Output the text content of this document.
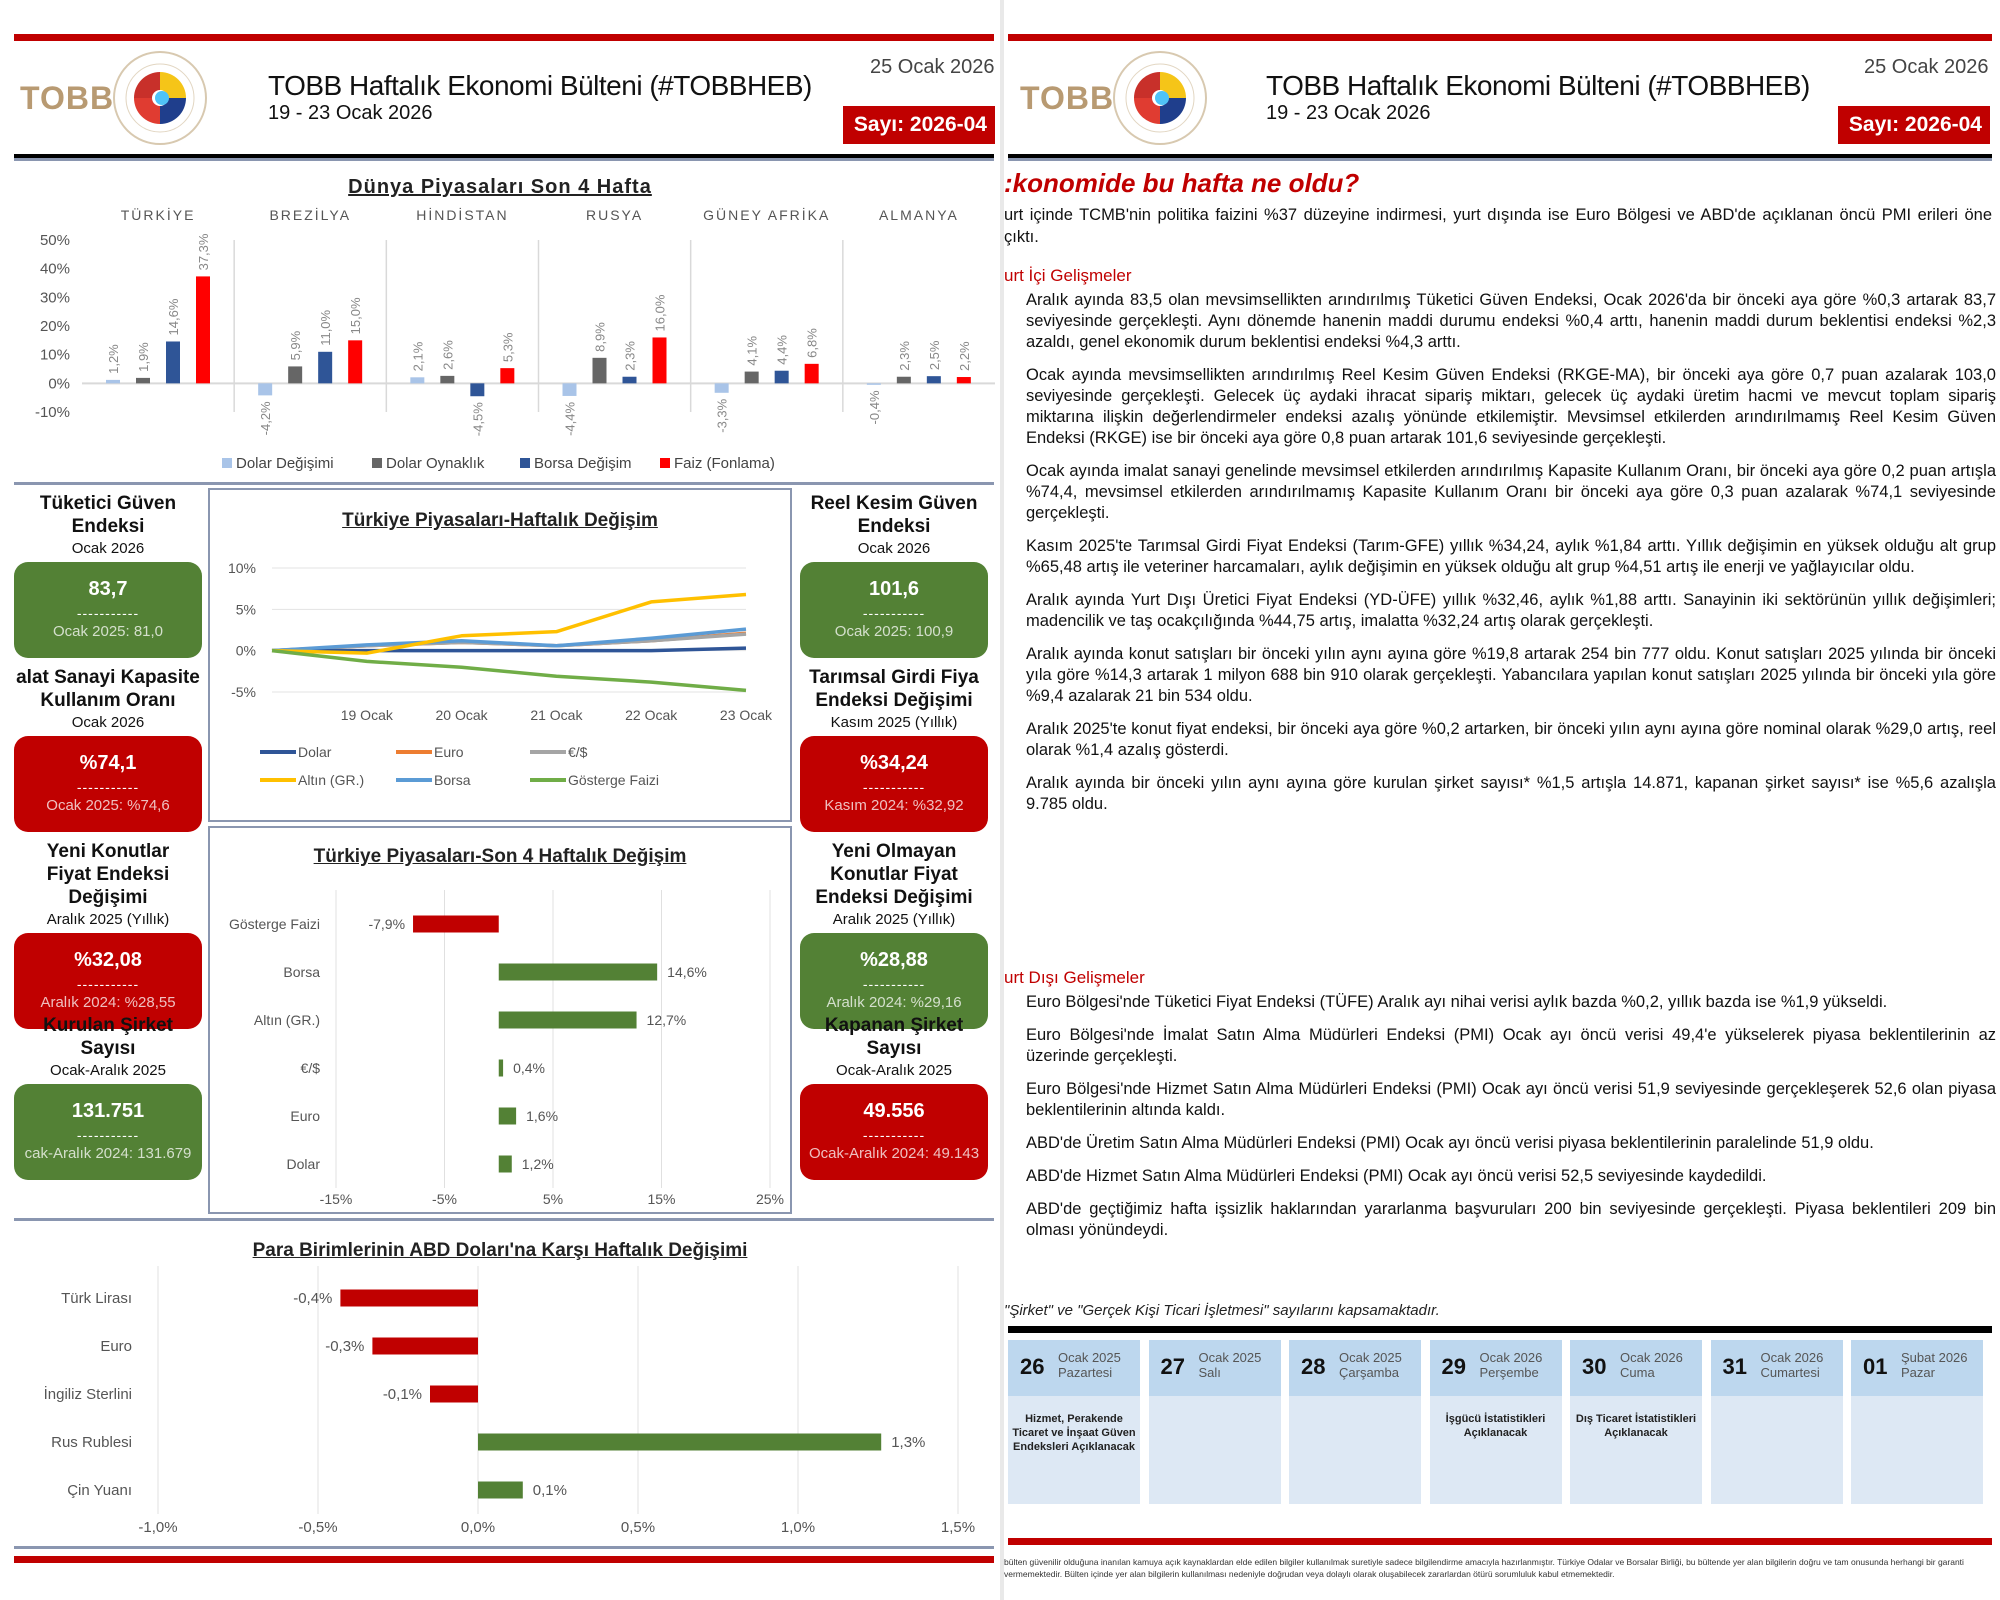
TOBB	TOBB Haftalık Ekonomi Bülteni (#TOBBHEB)
19 - 23 Ocak 2026
25 Ocak 2026
Sayı: 2026-04
Dünya Piyasaları Son 4 Hafta
50%
40%
30%
20%
10%
0%
-10%
TÜRKİYE
1,2% 1,9%
14,6%
37,3%
BREZİLYA
-4,2%
5,9% 11,0% 15,0%
HİNDİSTAN
2,1% 2,6%
-4,5%
5,3%
RUSYA
-4,4%
8,9%
2,3%
16,0%
GÜNEY AFRİKA
-3,3%
4,1% 4,4% 6,8%
ALMANYA
-0,4%
2,3% 2,5% 2,2%
Dolar Değişimi	Dolar Oynaklık	Borsa Değişim	Faiz (Fonlama)
Tüketici Güven
Endeksi
Ocak 2026
83,7
-----------
Ocak 2025: 81,0
alat Sanayi Kapasite
Kullanım Oranı
Ocak 2026
%74,1
-----------
Ocak 2025: %74,6
Yeni Konutlar
Fiyat Endeksi
Değişimi
Aralık 2025 (Yıllık)
%32,08
-----------
Aralık 2024: %28,55
Kurulan Şirket
Sayısı
Ocak-Aralık 2025
131.751
-----------
cak-Aralık 2024: 131.679
Reel Kesim Güven
Endeksi
Ocak 2026
101,6
-----------
Ocak 2025: 100,9
Tarımsal Girdi Fiya
Endeksi Değişimi
Kasım 2025 (Yıllık)
%34,24
-----------
Kasım 2024: %32,92
Yeni Olmayan
Konutlar Fiyat
Endeksi Değişimi
Aralık 2025 (Yıllık)
%28,88
-----------
Aralık 2024: %29,16
Kapanan Şirket
Sayısı
Ocak-Aralık 2025
49.556
-----------
Ocak-Aralık 2024: 49.143
Türkiye Piyasaları-Haftalık Değişim
10%
5%
0%
-5%
19 Ocak	20 Ocak	21 Ocak	22 Ocak	23 Ocak
Dolar	Euro	€/$
Altın (GR.)	Borsa	Gösterge Faizi
Türkiye Piyasaları-Son 4 Haftalık Değişim
-15%	-5%	5%	15%	25%
Gösterge Faizi	-7,9%
Borsa	14,6%
Altın (GR.)	12,7%
€/$	0,4%
Euro	1,6%
Dolar	1,2%
Para Birimlerinin ABD Doları'na Karşı Haftalık Değişimi
-1,0%	-0,5%	0,0%	0,5%	1,0%	1,5%
Türk Lirası	-0,4%
Euro	-0,3%
İngiliz Sterlini	-0,1%
Rus Rublesi	1,3%
Çin Yuanı	0,1%
TOBB	TOBB Haftalık Ekonomi Bülteni (#TOBBHEB)
19 - 23 Ocak 2026
25 Ocak 2026
Sayı: 2026-04
:konomide bu hafta ne oldu?
urt içinde TCMB'nin politika faizini %37 düzeyine indirmesi, yurt dışında ise Euro Bölgesi ve ABD'de açıklanan öncü PMI erileri öne çıktı.
urt İçi Gelişmeler
Aralık ayında 83,5 olan mevsimsellikten arındırılmış Tüketici Güven Endeksi, Ocak 2026'da bir önceki aya göre %0,3 artarak 83,7 seviyesinde gerçekleşti. Aynı dönemde hanenin maddi durumu endeksi %0,4 arttı, hanenin maddi durum beklentisi endeksi %2,3 azaldı, genel ekonomik durum beklentisi endeksi %4,3 arttı.
Ocak ayında mevsimsellikten arındırılmış Reel Kesim Güven Endeksi (RKGE-MA), bir önceki aya göre 0,7 puan azalarak 103,0 seviyesinde gerçekleşti. Gelecek üç aydaki ihracat sipariş miktarı, gelecek üç aydaki üretim hacmi ve mevcut toplam sipariş miktarına ilişkin değerlendirmeler endeksi azalış yönünde etkilemiştir. Mevsimsel etkilerden arındırılmamış Reel Kesim Güven Endeksi (RKGE) ise bir önceki aya göre 0,8 puan artarak 101,6 seviyesinde gerçekleşti.
Ocak ayında imalat sanayi genelinde mevsimsel etkilerden arındırılmış Kapasite Kullanım Oranı, bir önceki aya göre 0,2 puan artışla %74,4, mevsimsel etkilerden arındırılmamış Kapasite Kullanım Oranı bir önceki aya göre 0,3 puan azalarak %74,1 seviyesinde gerçekleşti.
Kasım 2025'te Tarımsal Girdi Fiyat Endeksi (Tarım-GFE) yıllık %34,24, aylık %1,84 arttı. Yıllık değişimin en yüksek olduğu alt grup %65,48 artış ile veteriner harcamaları, aylık değişimin en yüksek olduğu alt grup %4,51 artış ile enerji ve yağlayıcılar oldu.
Aralık ayında Yurt Dışı Üretici Fiyat Endeksi (YD-ÜFE) yıllık %32,46, aylık %1,88 arttı. Sanayinin iki sektörünün yıllık değişimleri; madencilik ve taş ocakçılığında %44,75 artış, imalatta %32,24 artış olarak gerçekleşti.
Aralık ayında konut satışları bir önceki yılın aynı ayına göre %19,8 artarak 254 bin 777 oldu. Konut satışları 2025 yılında bir önceki yıla göre %14,3 artarak 1 milyon 688 bin 910 olarak gerçekleşti. Yabancılara yapılan konut satışları 2025 yılında bir önceki yıla göre %9,4 azalarak 21 bin 534 oldu.
Aralık 2025'te konut fiyat endeksi, bir önceki aya göre %0,2 artarken, bir önceki yılın aynı ayına göre nominal olarak %29,0 artış, reel olarak %1,4 azalış gösterdi.
Aralık ayında bir önceki yılın aynı ayına göre kurulan şirket sayısı* %1,5 artışla 14.871, kapanan şirket sayısı* ise %5,6 azalışla 9.785 oldu.
urt Dışı Gelişmeler
Euro Bölgesi'nde Tüketici Fiyat Endeksi (TÜFE) Aralık ayı nihai verisi aylık bazda %0,2, yıllık bazda ise %1,9 yükseldi.
Euro Bölgesi'nde İmalat Satın Alma Müdürleri Endeksi (PMI) Ocak ayı öncü verisi 49,4'e yükselerek piyasa beklentilerinin az üzerinde gerçekleşti.
Euro Bölgesi'nde Hizmet Satın Alma Müdürleri Endeksi (PMI) Ocak ayı öncü verisi 51,9 seviyesinde gerçekleşerek 52,6 olan piyasa beklentilerinin altında kaldı.
ABD'de Üretim Satın Alma Müdürleri Endeksi (PMI) Ocak ayı öncü verisi piyasa beklentilerinin paralelinde 51,9 oldu.
ABD'de Hizmet Satın Alma Müdürleri Endeksi (PMI) Ocak ayı öncü verisi 52,5 seviyesinde kaydedildi.
ABD'de geçtiğimiz hafta işsizlik haklarından yararlanma başvuruları 200 bin seviyesinde gerçekleşti. Piyasa beklentileri 209 bin olması yönündeydi.
"Şirket" ve "Gerçek Kişi Ticari İşletmesi" sayılarını kapsamaktadır.
26 Ocak 2025
Pazartesi
Hizmet, Perakende Ticaret ve İnşaat Güven Endeksleri Açıklanacak
27 Ocak 2025
Salı	28 Ocak 2025
Çarşamba 29 Ocak 2026
Perşembe
İşgücü İstatistikleri Açıklanacak
30 Ocak 2026
Cuma
Dış Ticaret İstatistikleri Açıklanacak
31 Ocak 2026
Cumartesi 01 Şubat 2026
Pazar
bülten güvenilir olduğuna inanılan kamuya açık kaynaklardan elde edilen bilgiler kullanılmak suretiyle sadece bilgilendirme amacıyla hazırlanmıştır. Türkiye Odalar ve Borsalar Birliği, bu bültende yer alan bilgilerin doğru ve tam onusunda herhangi bir garanti vermemektedir. Bülten içinde yer alan bilgilerin kullanılması nedeniyle doğrudan veya dolaylı olarak oluşabilecek zararlardan ötürü sorumluluk kabul etmemektedir.
